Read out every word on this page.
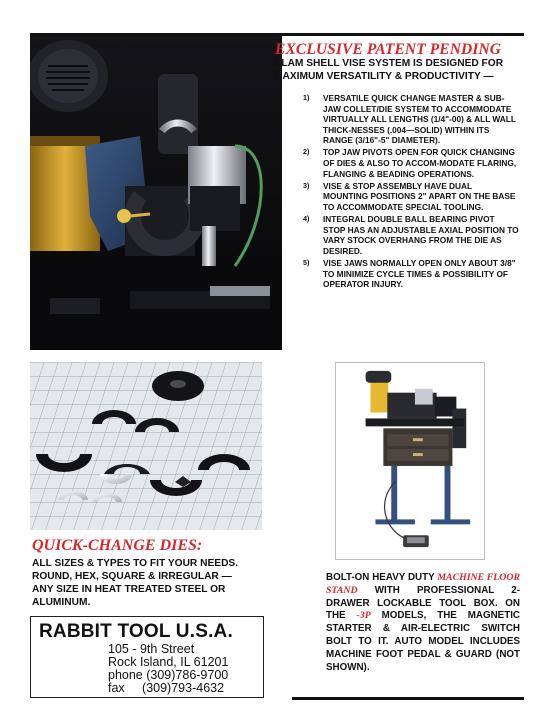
EXCLUSIVE PATENT PENDING
CLAM SHELL VISE SYSTEM IS DESIGNED FOR
MAXIMUM VERSATILITY & PRODUCTIVITY —
1) VERSATILE QUICK CHANGE MASTER & SUB-JAW COLLET/DIE SYSTEM TO ACCOMMODATE VIRTUALLY ALL LENGTHS (1/4"-00) & ALL WALL THICK-NESSES (.004—SOLID) WITHIN ITS RANGE (3/16"-5" DIAMETER).
2) TOP JAW PIVOTS OPEN FOR QUICK CHANGING OF DIES & ALSO TO ACCOM-MODATE FLARING, FLANGING & BEADING OPERATIONS.
3) VISE & STOP ASSEMBLY HAVE DUAL MOUNTING POSITIONS 2" APART ON THE BASE TO ACCOMMODATE SPECIAL TOOLING.
4) INTEGRAL DOUBLE BALL BEARING PIVOT STOP HAS AN ADJUSTABLE AXIAL POSITION TO VARY STOCK OVERHANG FROM THE DIE AS DESIRED.
5) VISE JAWS NORMALLY OPEN ONLY ABOUT 3/8" TO MINIMIZE CYCLE TIMES & POSSIBILITY OF OPERATOR INJURY.
QUICK-CHANGE DIES:
ALL SIZES & TYPES TO FIT YOUR NEEDS.
ROUND, HEX, SQUARE & IRREGULAR —
ANY SIZE IN HEAT TREATED STEEL OR
ALUMINUM.
BOLT-ON HEAVY DUTY MACHINE FLOOR STAND WITH PROFESSIONAL 2-DRAWER LOCKABLE TOOL BOX. ON THE -3P MODELS, THE MAGNETIC STARTER & AIR-ELECTRIC SWITCH BOLT TO IT. AUTO MODEL INCLUDES MACHINE FOOT PEDAL & GUARD (NOT SHOWN).
RABBIT TOOL U.S.A.
105 - 9th Street
Rock Island, IL 61201
phone (309)786-9700
fax     (309)793-4632
